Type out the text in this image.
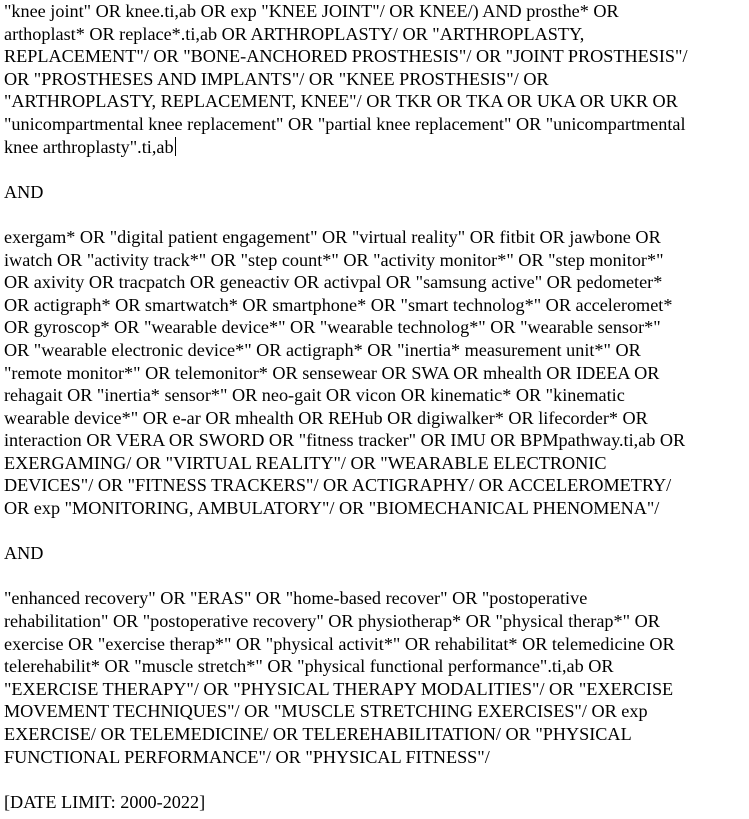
"knee joint" OR knee.ti,ab OR exp "KNEE JOINT"/ OR KNEE/) AND prosthe* OR
arthoplast* OR replace*.ti,ab OR ARTHROPLASTY/ OR "ARTHROPLASTY,
REPLACEMENT"/ OR "BONE-ANCHORED PROSTHESIS"/ OR "JOINT PROSTHESIS"/
OR "PROSTHESES AND IMPLANTS"/ OR "KNEE PROSTHESIS"/ OR
"ARTHROPLASTY, REPLACEMENT, KNEE"/ OR TKR OR TKA OR UKA OR UKR OR
"unicompartmental knee replacement" OR "partial knee replacement" OR "unicompartmental
knee arthroplasty".ti,ab
AND
exergam* OR "digital patient engagement" OR "virtual reality" OR fitbit OR jawbone OR
iwatch OR "activity track*" OR "step count*" OR "activity monitor*" OR "step monitor*"
OR axivity OR tracpatch OR geneactiv OR activpal OR "samsung active" OR pedometer*
OR actigraph* OR smartwatch* OR smartphone* OR "smart technolog*" OR acceleromet*
OR gyroscop* OR "wearable device*" OR "wearable technolog*" OR "wearable sensor*"
OR "wearable electronic device*" OR actigraph* OR "inertia* measurement unit*" OR
"remote monitor*" OR telemonitor* OR sensewear OR SWA OR mhealth OR IDEEA OR
rehagait OR "inertia* sensor*" OR neo-gait OR vicon OR kinematic* OR "kinematic
wearable device*" OR e-ar OR mhealth OR REHub OR digiwalker* OR lifecorder* OR
interaction OR VERA OR SWORD OR "fitness tracker" OR IMU OR BPMpathway.ti,ab OR
EXERGAMING/ OR "VIRTUAL REALITY"/ OR "WEARABLE ELECTRONIC
DEVICES"/ OR "FITNESS TRACKERS"/ OR ACTIGRAPHY/ OR ACCELEROMETRY/
OR exp "MONITORING, AMBULATORY"/ OR "BIOMECHANICAL PHENOMENA"/
AND
"enhanced recovery" OR "ERAS" OR "home-based recover" OR "postoperative
rehabilitation" OR "postoperative recovery" OR physiotherap* OR "physical therap*" OR
exercise OR "exercise therap*" OR "physical activit*" OR rehabilitat* OR telemedicine OR
telerehabilit* OR "muscle stretch*" OR "physical functional performance".ti,ab OR
"EXERCISE THERAPY"/ OR "PHYSICAL THERAPY MODALITIES"/ OR "EXERCISE
MOVEMENT TECHNIQUES"/ OR "MUSCLE STRETCHING EXERCISES"/ OR exp
EXERCISE/ OR TELEMEDICINE/ OR TELEREHABILITATION/ OR "PHYSICAL
FUNCTIONAL PERFORMANCE"/ OR "PHYSICAL FITNESS"/
[DATE LIMIT: 2000-2022]
